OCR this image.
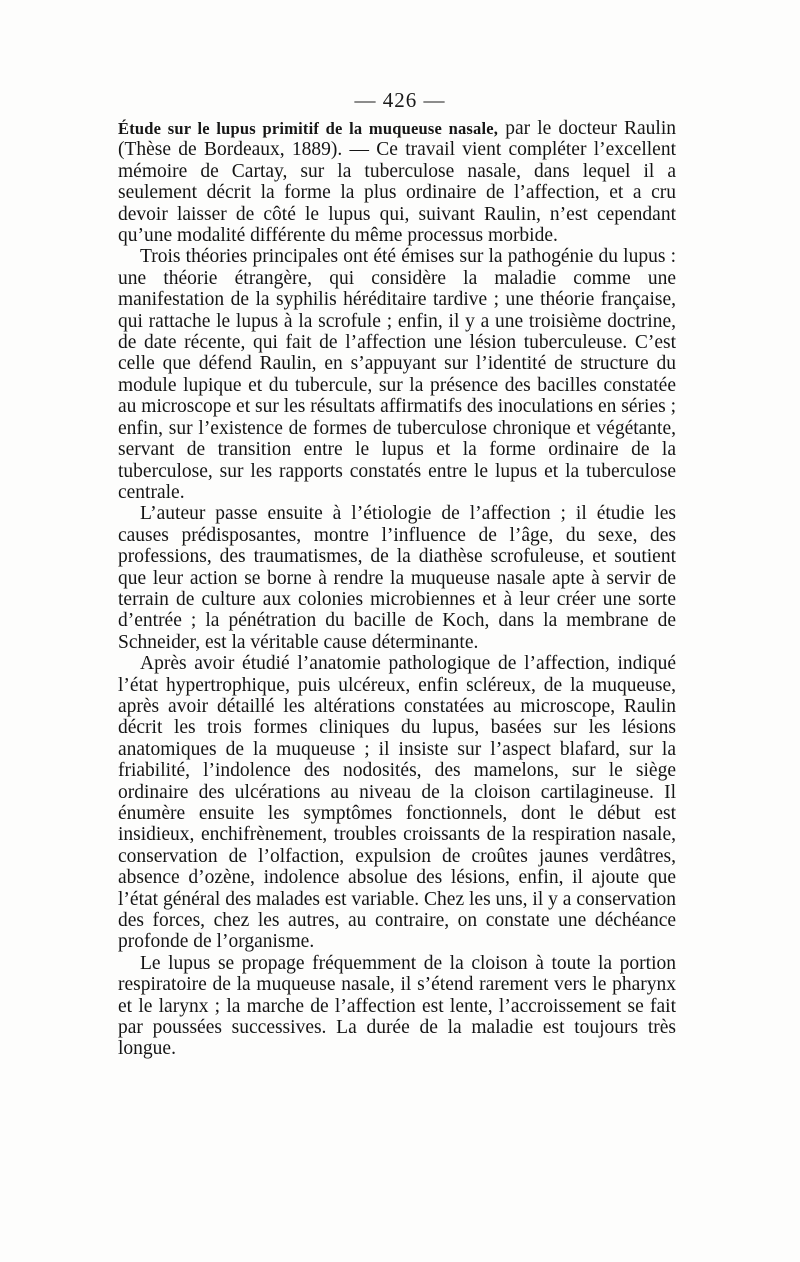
— 426 —

Étude sur le lupus primitif de la muqueuse nasale, par le docteur Raulin (Thèse de Bordeaux, 1889). — Ce travail vient compléter l’excellent mémoire de Cartay, sur la tuberculose nasale, dans lequel il a seulement décrit la forme la plus ordinaire de l’affection, et a cru devoir laisser de côté le lupus qui, suivant Raulin, n’est cependant qu’une modalité différente du même processus morbide.

Trois théories principales ont été émises sur la pathogénie du lupus : une théorie étrangère, qui considère la maladie comme une manifestation de la syphilis héréditaire tardive ; une théorie française, qui rattache le lupus à la scrofule ; enfin, il y a une troisième doctrine, de date récente, qui fait de l’affection une lésion tuberculeuse. C’est celle que défend Raulin, en s’appuyant sur l’identité de structure du module lupique et du tubercule, sur la présence des bacilles constatée au microscope et sur les résultats affirmatifs des inoculations en séries ; enfin, sur l’existence de formes de tuberculose chronique et végétante, servant de transition entre le lupus et la forme ordinaire de la tuberculose, sur les rapports constatés entre le lupus et la tuberculose centrale.

L’auteur passe ensuite à l’étiologie de l’affection ; il étudie les causes prédisposantes, montre l’influence de l’âge, du sexe, des professions, des traumatismes, de la diathèse scrofuleuse, et soutient que leur action se borne à rendre la muqueuse nasale apte à servir de terrain de culture aux colonies microbiennes et à leur créer une sorte d’entrée ; la pénétration du bacille de Koch, dans la membrane de Schneider, est la véritable cause déterminante.

Après avoir étudié l’anatomie pathologique de l’affection, indiqué l’état hypertrophique, puis ulcéreux, enfin scléreux, de la muqueuse, après avoir détaillé les altérations constatées au microscope, Raulin décrit les trois formes cliniques du lupus, basées sur les lésions anatomiques de la muqueuse ; il insiste sur l’aspect blafard, sur la friabilité, l’indolence des nodosités, des mamelons, sur le siège ordinaire des ulcérations au niveau de la cloison cartilagineuse. Il énumère ensuite les symptômes fonctionnels, dont le début est insidieux, enchifrènement, troubles croissants de la respiration nasale, conservation de l’olfaction, expulsion de croûtes jaunes verdâtres, absence d’ozène, indolence absolue des lésions, enfin, il ajoute que l’état général des malades est variable. Chez les uns, il y a conservation des forces, chez les autres, au contraire, on constate une déchéance profonde de l’organisme.

Le lupus se propage fréquemment de la cloison à toute la portion respiratoire de la muqueuse nasale, il s’étend rarement vers le pharynx et le larynx ; la marche de l’affection est lente, l’accroissement se fait par poussées successives. La durée de la maladie est toujours très longue.
